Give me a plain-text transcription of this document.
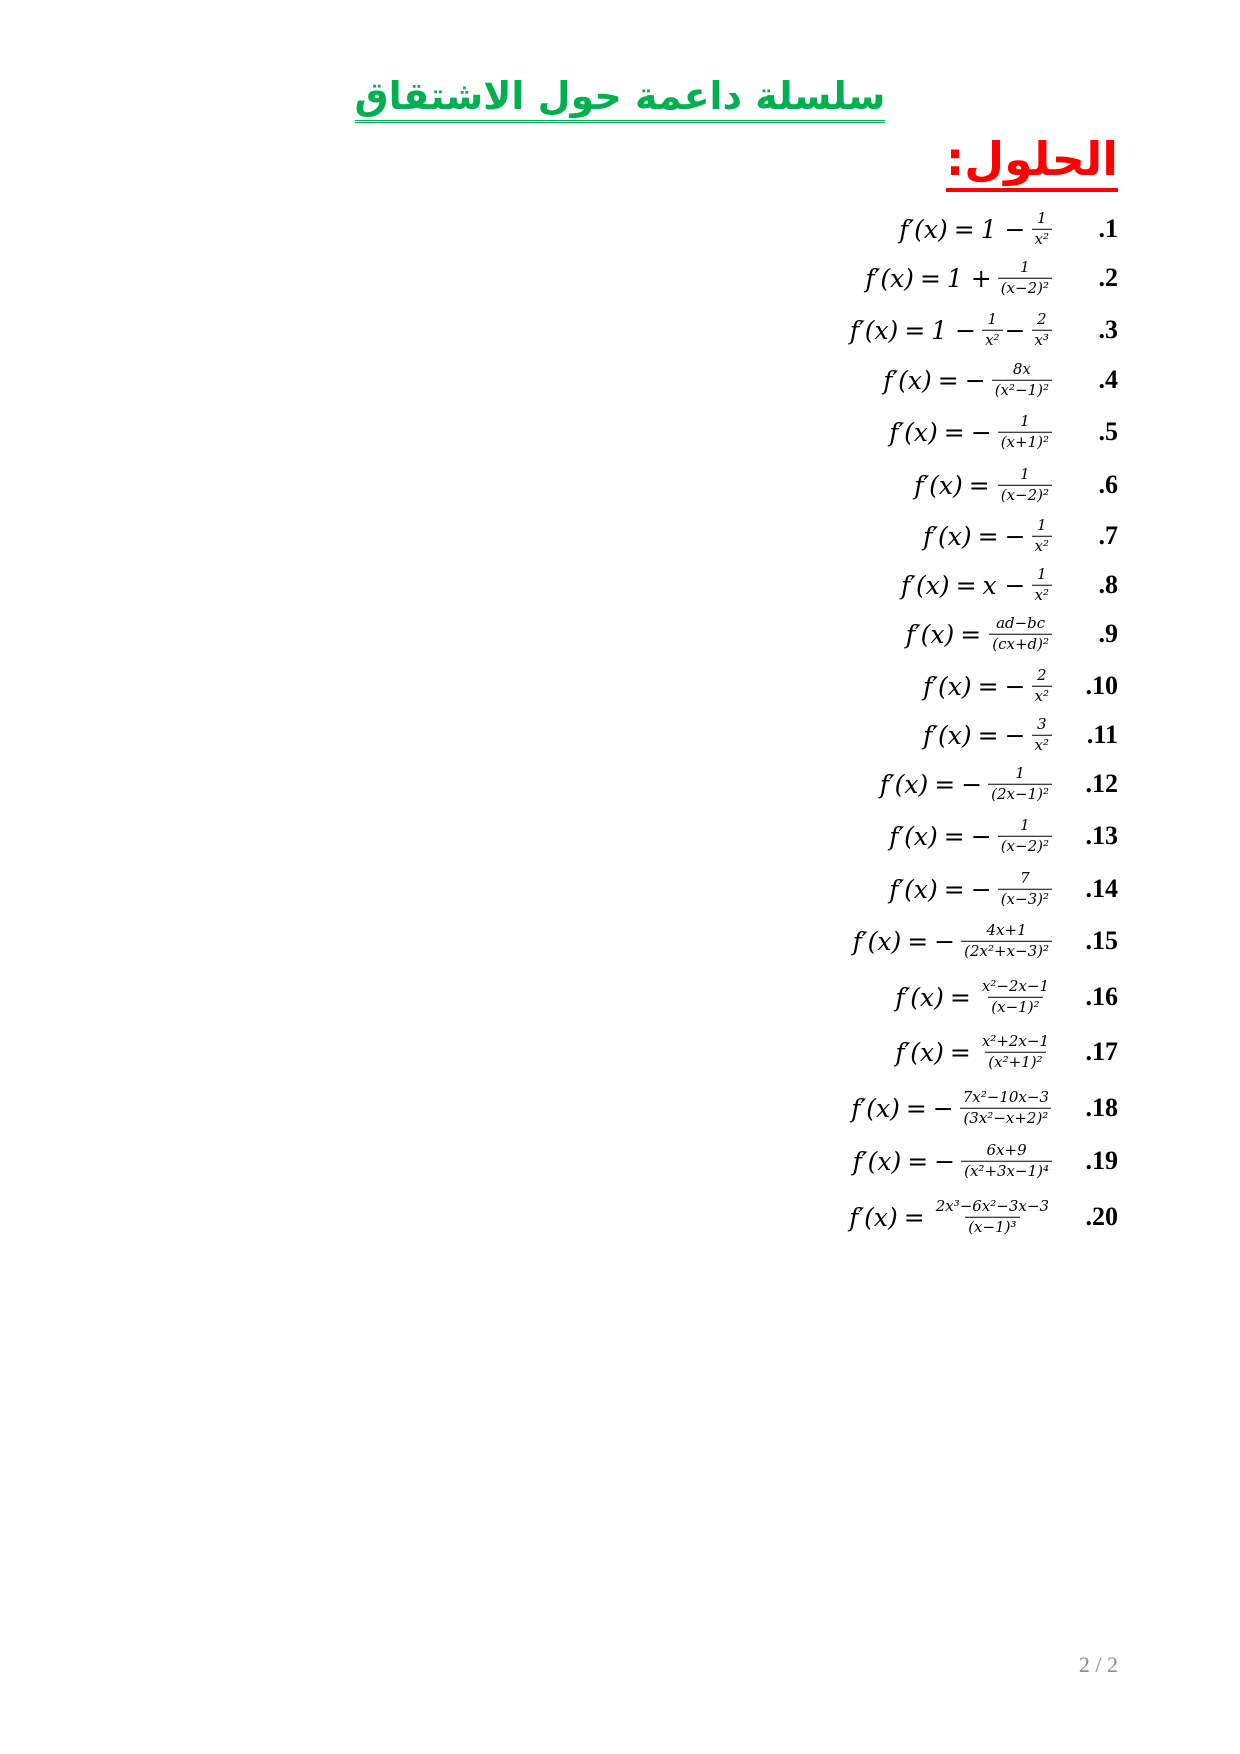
سلسلة داعمة حول الاشتقاق
الحلول:
.1
$f'(x) = 1 - \frac{1}{\text{x²}}$
.2
$f'(x) = 1 + \frac{1}{\text{(x−2)²}}$
.3
$f'(x) = 1 - \frac{1}{\text{x²}} - \frac{2}{\text{x³}}$
.4
f′(x) = − $\frac{8x}{\text{(x²−1)²}}$
.5
f′(x) = − $\frac{1}{\text{(x+1)²}}$
.6
$f'(x) = \frac{1}{\text{(x−2)²}}$
.7
f′(x) = − $\frac{1}{\text{x²}}$
.8
$f'(x) = x - \frac{1}{\text{x²}}$
.9
$f'(x) = \frac{ad-bc}{\text{(cx+d)²}}$
.10
f′(x) = − $\frac{2}{\text{x²}}$
.11
f′(x) = − $\frac{3}{\text{x²}}$
.12
f′(x) = − $\frac{1}{\text{(2x−1)²}}$
.13
f′(x) = − $\frac{1}{\text{(x−2)²}}$
.14
f′(x) = − $\frac{7}{\text{(x−3)²}}$
.15
f′(x) = − $\frac{4x+1}{\text{(2x²+x−3)²}}$
.16
$f'(x) = \frac{\text{x²−2x−1}}{\text{(x−1)²}}$
.17
$f'(x) = \frac{\text{x²+2x−1}}{\text{(x²+1)²}}$
.18
f′(x) = − $\frac{\text{7x²−10x−3}}{\text{(3x²−x+2)²}}$
.19
f′(x) = − $\frac{6x+9}{\text{(x²+3x−1)⁴}}$
.20
$f'(x) = \frac{\text{2x³−6x²−3x−3}}{\text{(x−1)³}}$
2 / 2
